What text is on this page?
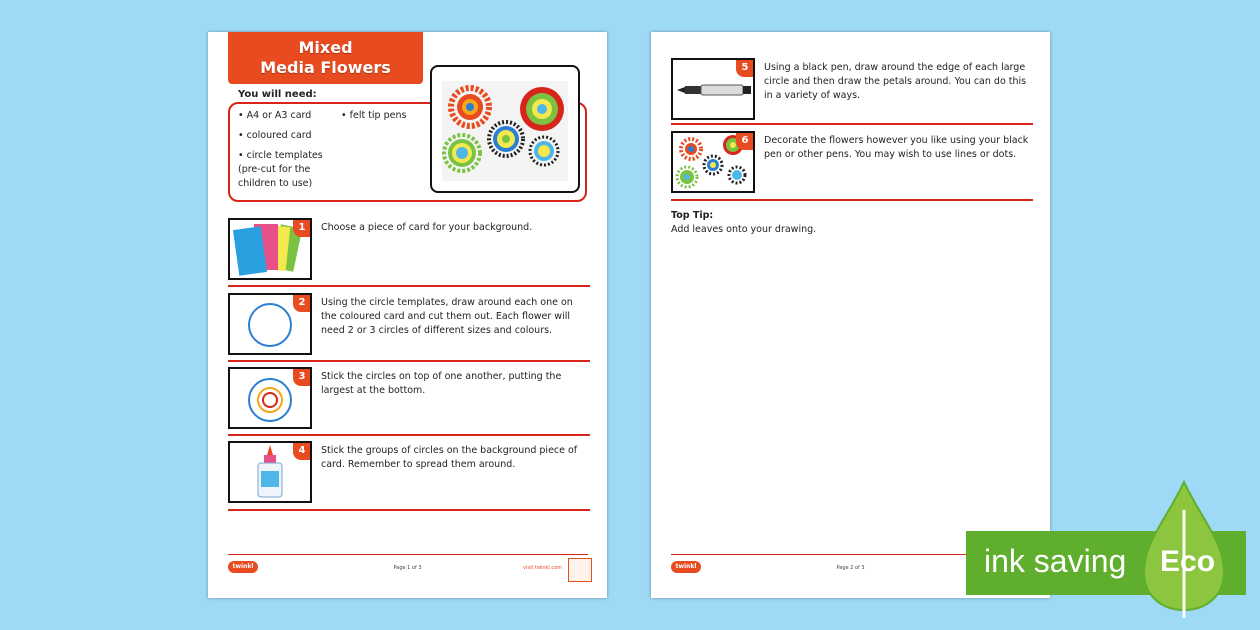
Mixed
Media Flowers
You will need:
• A4 or A3 card
• coloured card
• circle templates (pre-cut for the children to use)
• felt tip pens
1	Choose a piece of card for your background.
2	Using the circle templates, draw around each one on the coloured card and cut them out. Each flower will need 2 or 3 circles of different sizes and colours.
3	Stick the circles on top of one another, putting the largest at the bottom.
4	Stick the groups of circles on the background piece of card. Remember to spread them around.
twinkl	Page 1 of 3	visit twinkl.com
5	Using a black pen, draw around the edge of each large circle and then draw the petals around. You can do this in a variety of ways.
6	Decorate the flowers however you like using your black pen or other pens. You may wish to use lines or dots.
Top Tip:
Add leaves onto your drawing.
twinkl	Page 2 of 3	ink saving Eco
